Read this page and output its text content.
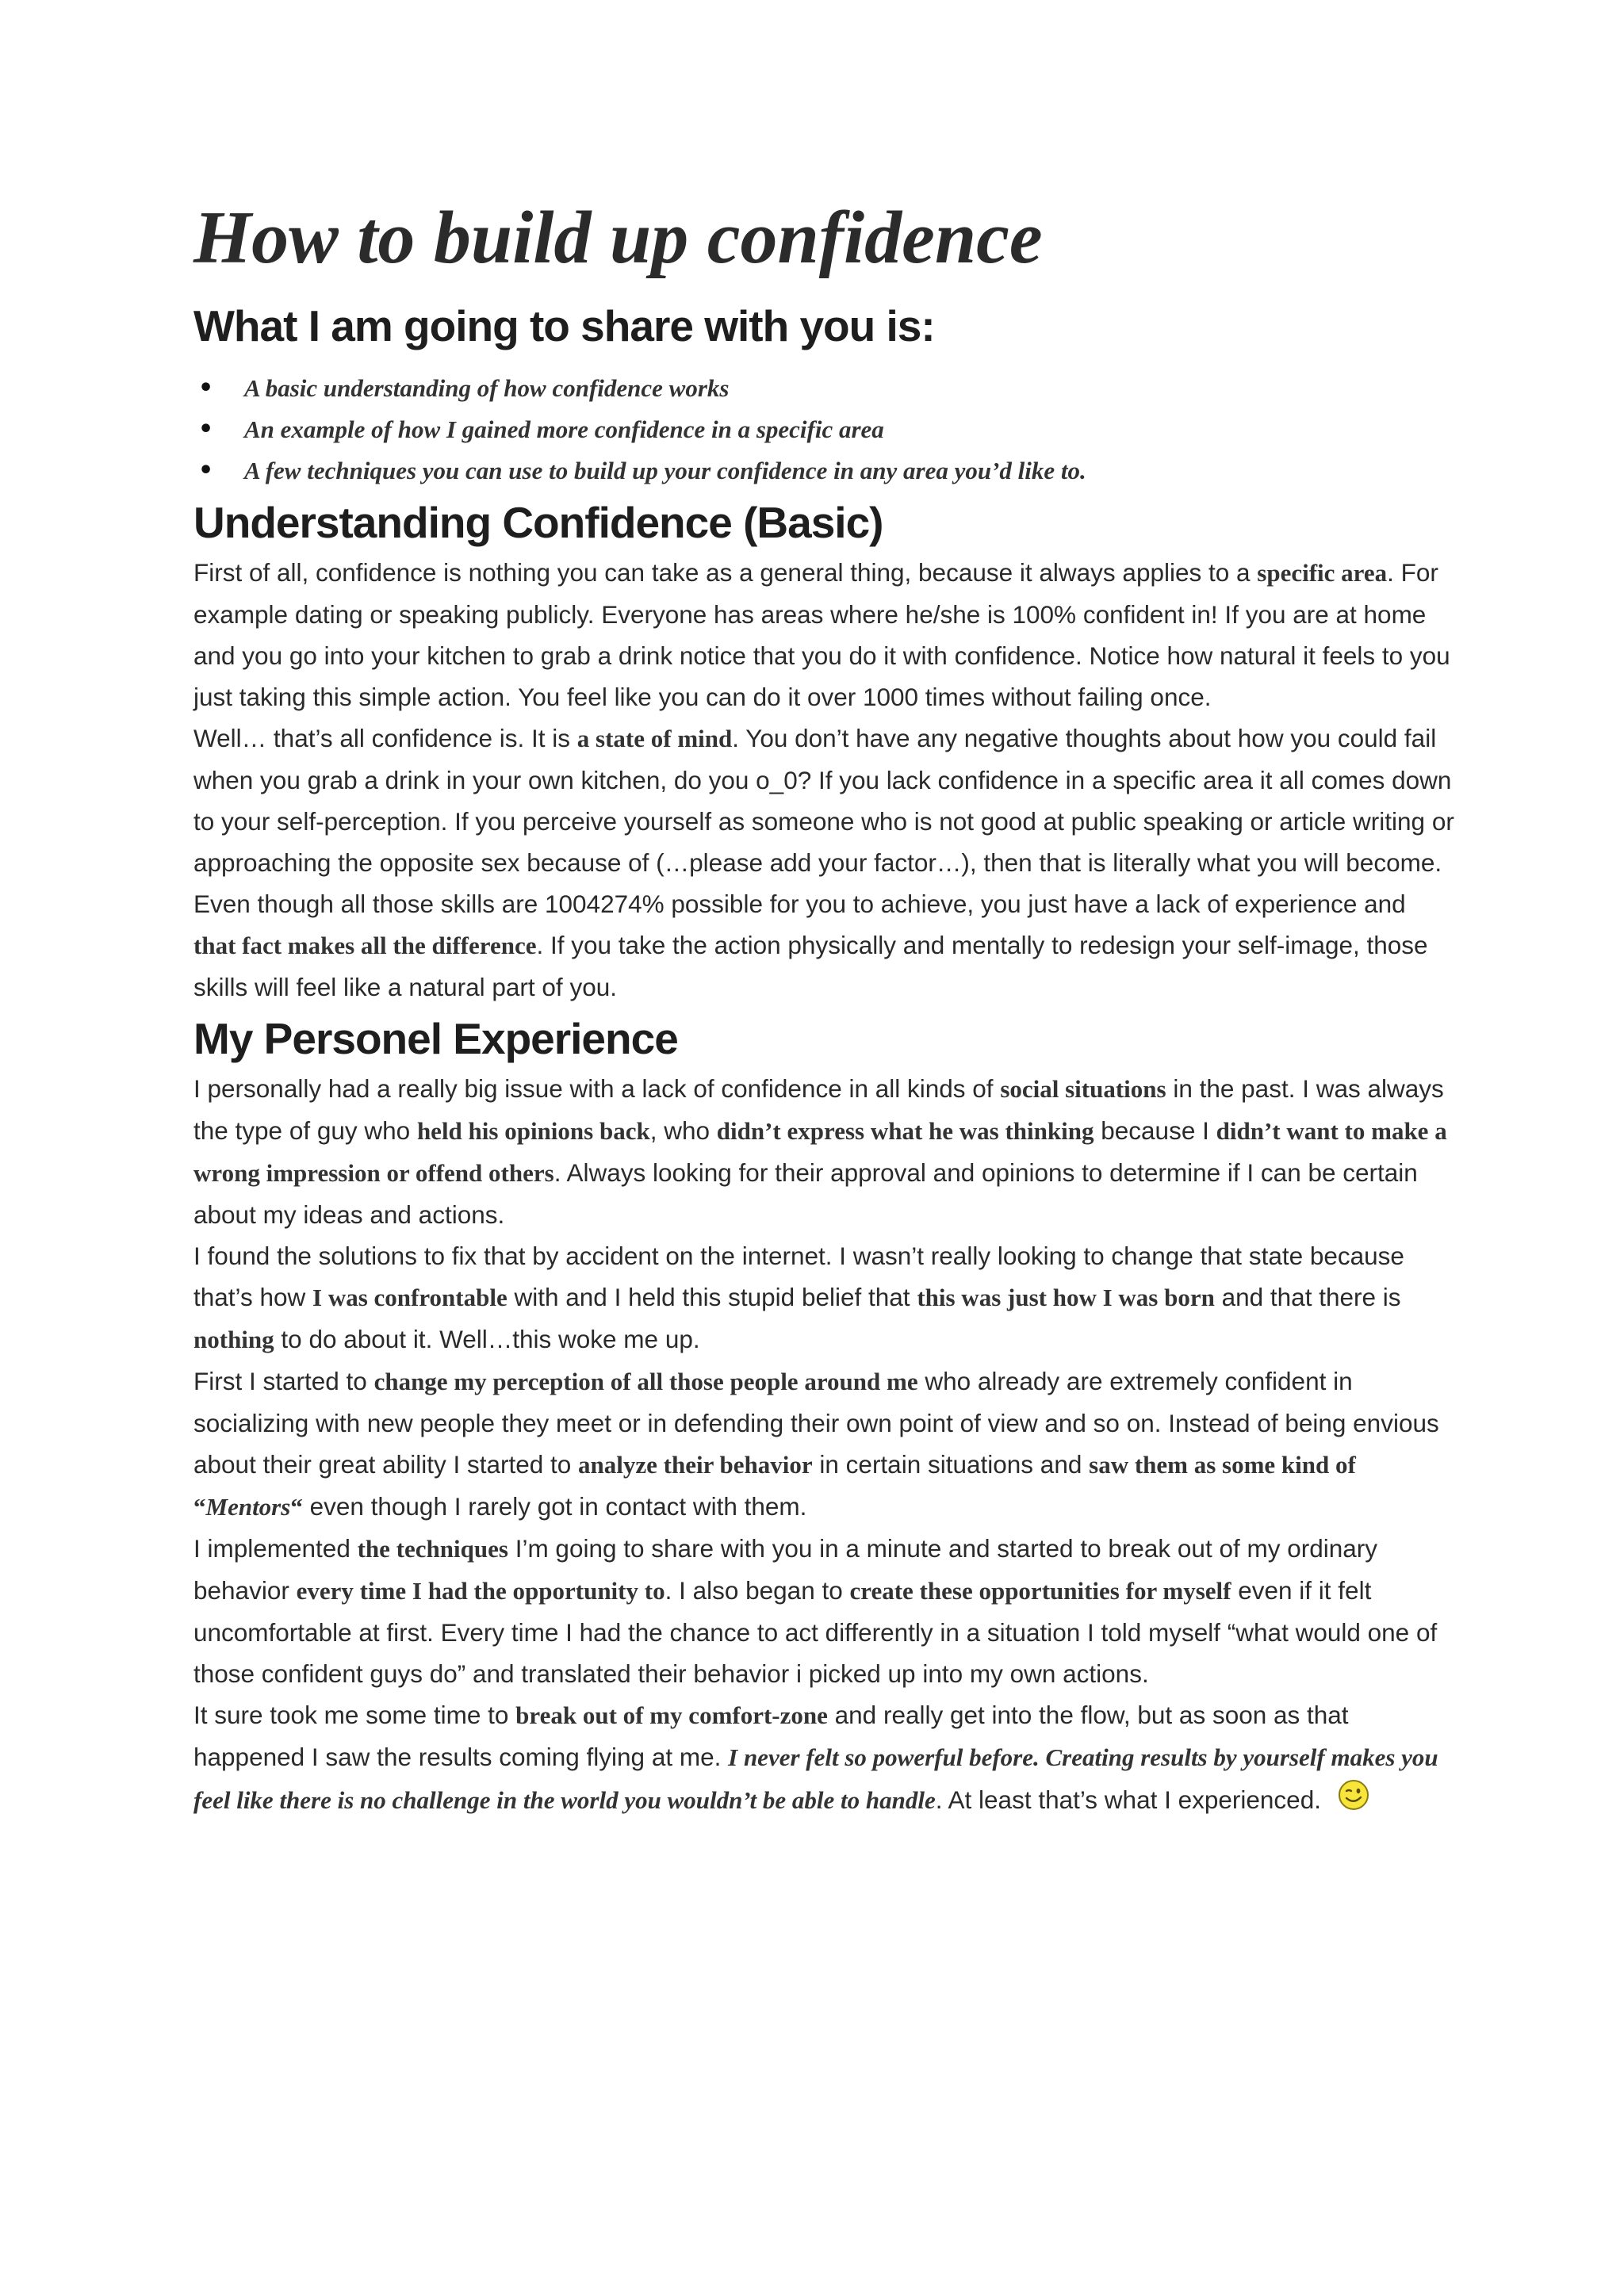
How to build up confidence
What I am going to share with you is:
• A basic understanding of how confidence works
• An example of how I gained more confidence in a specific area
• A few techniques you can use to build up your confidence in any area you’d like to.
Understanding Confidence (Basic)

First of all, confidence is nothing you can take as a general thing, because it always applies to a specific area. For example dating or speaking publicly. Everyone has areas where he/she is 100% confident in! If you are at home and you go into your kitchen to grab a drink notice that you do it with confidence. Notice how natural it feels to you just taking this simple action. You feel like you can do it over 1000 times without failing once.

Well… that’s all confidence is. It is a state of mind. You don’t have any negative thoughts about how you could fail when you grab a drink in your own kitchen, do you o_0? If you lack confidence in a specific area it all comes down to your self-perception. If you perceive yourself as someone who is not good at public speaking or article writing or approaching the opposite sex because of (…please add your factor…), then that is literally what you will become.

Even though all those skills are 1004274% possible for you to achieve, you just have a lack of experience and that fact makes all the difference. If you take the action physically and mentally to redesign your self-image, those skills will feel like a natural part of you.

My Personel Experience

I personally had a really big issue with a lack of confidence in all kinds of social situations in the past. I was always the type of guy who held his opinions back, who didn’t express what he was thinking because I didn’t want to make a wrong impression or offend others. Always looking for their approval and opinions to determine if I can be certain about my ideas and actions.

I found the solutions to fix that by accident on the internet. I wasn’t really looking to change that state because that’s how I was confrontable with and I held this stupid belief that this was just how I was born and that there is nothing to do about it. Well…this woke me up.

First I started to change my perception of all those people around me who already are extremely confident in socializing with new people they meet or in defending their own point of view and so on. Instead of being envious about their great ability I started to analyze their behavior in certain situations and saw them as some kind of “Mentors“ even though I rarely got in contact with them.

I implemented the techniques I’m going to share with you in a minute and started to break out of my ordinary behavior every time I had the opportunity to. I also began to create these opportunities for myself even if it felt uncomfortable at first. Every time I had the chance to act differently in a situation I told myself “what would one of those confident guys do” and translated their behavior i picked up into my own actions.

It sure took me some time to break out of my comfort-zone and really get into the flow, but as soon as that happened I saw the results coming flying at me. I never felt so powerful before. Creating results by yourself makes you feel like there is no challenge in the world you wouldn’t be able to handle. At least that’s what I experienced.
